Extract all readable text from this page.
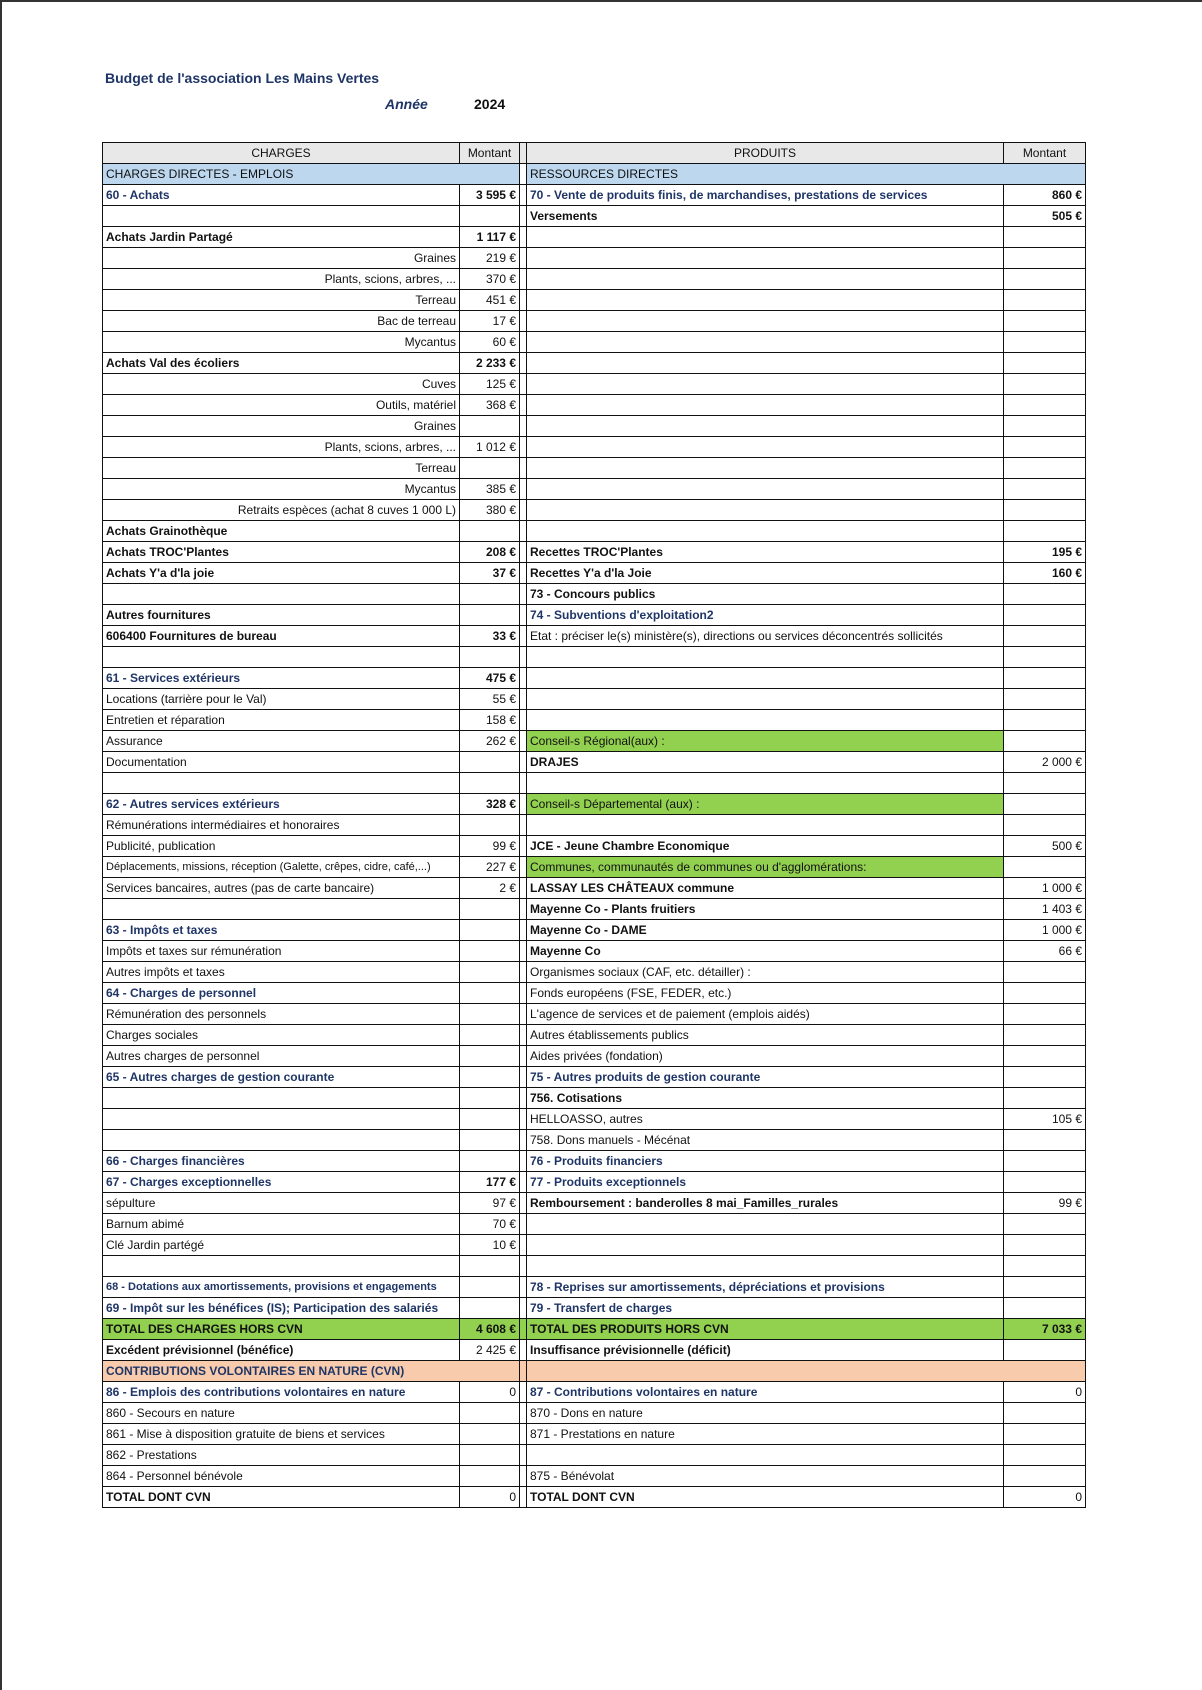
Budget de l'association Les Mains Vertes
Année	2024
CHARGES	Montant		PRODUITS	Montant
CHARGES DIRECTES - EMPLOIS			RESSOURCES DIRECTES	
60 - Achats	3 595 €		70 - Vente de produits finis, de marchandises, prestations de services	860 €
			Versements	505 €
Achats Jardin Partagé	1 117 €			
Graines	219 €			
Plants, scions, arbres, ...	370 €			
Terreau	451 €			
Bac de terreau	17 €			
Mycantus	60 €			
Achats Val des écoliers	2 233 €			
Cuves	125 €			
Outils, matériel	368 €			
Graines				
Plants, scions, arbres, ...	1 012 €			
Terreau				
Mycantus	385 €			
Retraits espèces (achat 8 cuves 1 000 L)	380 €			
Achats Grainothèque				
Achats TROC'Plantes	208 €		Recettes TROC'Plantes	195 €
Achats Y'a d'la joie	37 €		Recettes Y'a d'la Joie	160 €
			73 - Concours publics	
Autres fournitures			74 - Subventions d'exploitation2	
606400 Fournitures de bureau	33 €		Etat : préciser le(s) ministère(s), directions ou services déconcentrés sollicités	

61 - Services extérieurs	475 €			
Locations (tarrière pour le Val)	55 €			
Entretien et réparation	158 €			
Assurance	262 €		Conseil-s Régional(aux) :	
Documentation			DRAJES	2 000 €

62 - Autres services extérieurs	328 €		Conseil-s Départemental (aux) :	
Rémunérations intermédiaires et honoraires				
Publicité, publication	99 €		JCE - Jeune Chambre Economique	500 €
Déplacements, missions, réception (Galette, crêpes, cidre, café,...)	227 €		Communes, communautés de communes ou d'agglomérations:	
Services bancaires, autres (pas de carte bancaire)	2 €		LASSAY LES CHÂTEAUX commune	1 000 €
			Mayenne Co - Plants fruitiers	1 403 €
63 - Impôts et taxes			Mayenne Co - DAME	1 000 €
Impôts et taxes sur rémunération			Mayenne Co	66 €
Autres impôts et taxes			Organismes sociaux (CAF, etc. détailler) :	
64 - Charges de personnel			Fonds européens (FSE, FEDER, etc.)	
Rémunération des personnels			L'agence de services et de paiement (emplois aidés)	
Charges sociales			Autres établissements publics	
Autres charges de personnel			Aides privées (fondation)	
65 - Autres charges de gestion courante			75 - Autres produits de gestion courante	
			756. Cotisations	
			HELLOASSO, autres	105 €
			758. Dons manuels - Mécénat	
66 - Charges financières			76 - Produits financiers	
67 - Charges exceptionnelles	177 €		77 - Produits exceptionnels	
sépulture	97 €		Remboursement : banderolles 8 mai_Familles_rurales	99 €
Barnum abimé	70 €			
Clé Jardin partégé	10 €			

68 - Dotations aux amortissements, provisions et engagements			78 - Reprises sur amortissements, dépréciations et provisions	
69 - Impôt sur les bénéfices (IS); Participation des salariés			79 - Transfert de charges	
TOTAL DES CHARGES HORS CVN	4 608 €		TOTAL DES PRODUITS HORS CVN	7 033 €
Excédent prévisionnel (bénéfice)	2 425 €		Insuffisance prévisionnelle (déficit)	
CONTRIBUTIONS VOLONTAIRES EN NATURE (CVN)				
86 - Emplois des contributions volontaires en nature	0		87 - Contributions volontaires en nature	0
860 - Secours en nature			870 - Dons en nature	
861 - Mise à disposition gratuite de biens et services			871 - Prestations en nature	
862 - Prestations				
864 - Personnel bénévole			875 - Bénévolat	
TOTAL DONT CVN	0		TOTAL DONT CVN	0
